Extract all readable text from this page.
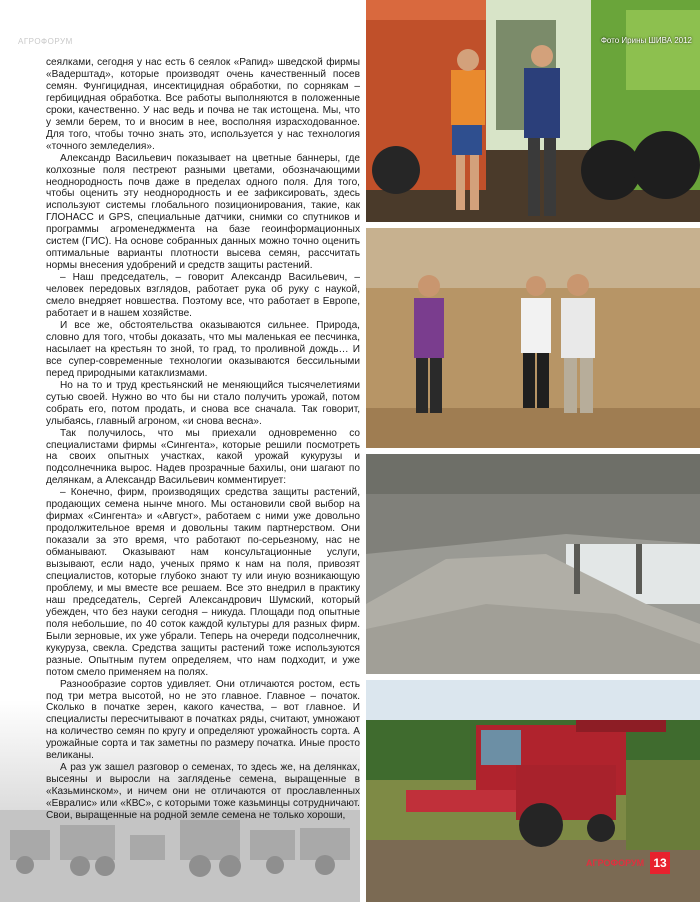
АГРОФОРУМ

сеялками, сегодня у нас есть 6 сеялок «Рапид» шведской фирмы «Вадерштад», которые производят очень качественный посев семян. Фунгицидная, инсектицидная обработки, по сорнякам – гербицидная обработка. Все работы выполняются в положенные сроки, качественно. У нас ведь и почва не так истощена. Мы, что у земли берем, то и вносим в нее, восполняя израсходованное. Для того, чтобы точно знать это, используется у нас технология «точного земледелия».

Александр Васильевич показывает на цветные баннеры, где колхозные поля пестреют разными цветами, обозначающими неоднородность почв даже в пределах одного поля. Для того, чтобы оценить эту неоднородность и ее зафиксировать, здесь используют системы глобального позиционирования, такие, как ГЛОНАСС и GPS, специальные датчики, снимки со спутников и программы агроменеджмента на базе геоинформационных систем (ГИС). На основе собранных данных можно точно оценить оптимальные варианты плотности высева семян, рассчитать нормы внесения удобрений и средств защиты растений.

– Наш председатель, – говорит Александр Васильевич, – человек передовых взглядов, работает рука об руку с наукой, смело внедряет новшества. Поэтому все, что работает в Европе, работает и в нашем хозяйстве.

И все же, обстоятельства оказываются сильнее. Природа, словно для того, чтобы доказать, что мы маленькая ее песчинка, насылает на крестьян то зной, то град, то проливной дождь… И все супер-современные технологии оказываются бессильными перед природными катаклизмами.

Но на то и труд крестьянский не меняющийся тысячелетиями сутью своей. Нужно во что бы ни стало получить урожай, потом собрать его, потом продать, и снова все сначала. Так говорит, улыбаясь, главный агроном, «и снова весна».

Так получилось, что мы приехали одновременно со специалистами фирмы «Сингента», которые решили посмотреть на своих опытных участках, какой урожай кукурузы и подсолнечника вырос. Надев прозрачные бахилы, они шагают по делянкам, а Александр Васильевич комментирует:

– Конечно, фирм, производящих средства защиты растений, продающих семена нынче много. Мы остановили свой выбор на фирмах «Сингента» и «Август», работаем с ними уже довольно продолжительное время и довольны таким партнерством. Они показали за это время, что работают по-серьезному, нас не обманывают. Оказывают нам консультационные услуги, вызывают, если надо, ученых прямо к нам на поля, привозят специалистов, которые глубоко знают ту или иную возникающую проблему, и мы вместе все решаем. Все это внедрил в практику наш председатель, Сергей Александрович Шумский, который убежден, что без науки сегодня – никуда. Площади под опытные поля небольшие, по 40 соток каждой культуры для разных фирм. Были зерновые, их уже убрали. Теперь на очереди подсолнечник, кукуруза, свекла. Средства защиты растений тоже используются разные. Опытным путем определяем, что нам подходит, и уже потом смело применяем на полях.

Разнообразие сортов удивляет. Они отличаются ростом, есть под три метра высотой, но не это главное. Главное – початок. Сколько в початке зерен, какого качества, – вот главное. И специалисты пересчитывают в початках ряды, считают, умножают на количество семян по кругу и определяют урожайность сорта. А урожайные сорта и так заметны по размеру початка. Иные просто великаны.

А раз уж зашел разговор о семенах, то здесь же, на делянках, высеяны и выросли на загляденье семена, выращенные в «Казьминском», и ничем они не отличаются от прославленных «Евралис» или «КВС», с которыми тоже казьминцы сотрудничают. Свои, выращенные на родной земле семена не только хороши,

Фото Ирины ШИВА 2012
АГРОФОРУМ 13
